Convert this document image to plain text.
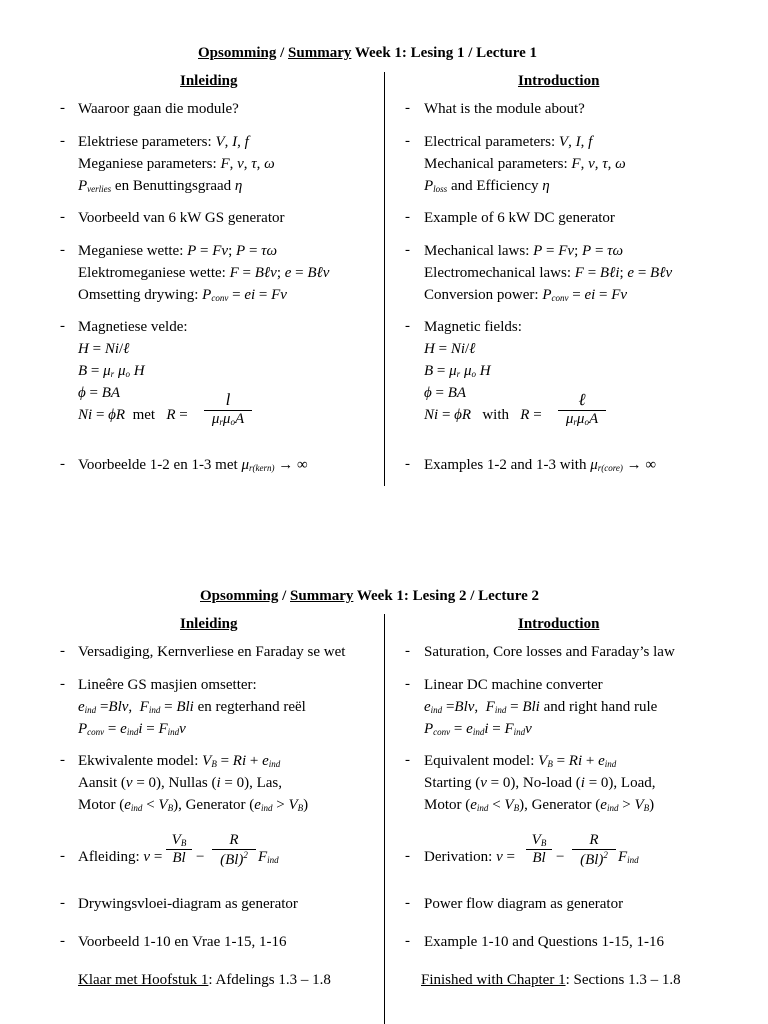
Opsomming / Summary Week 1: Lesing 1 / Lecture 1
Inleiding	Introduction
- Waaroor gaan die module?
- Elektriese parameters: V, I, f
Meganiese parameters: F, v, τ, ω
$P_{verlies}$ en Benuttingsgraad η
- Voorbeeld van 6 kW GS generator
- Meganiese wette: P = Fv; P = τω
Elektromeganiese wette: F = Bℓv; e = Bℓv
Omsetting drywing: $P_{conv}$ = ei = Fv
- Magnetiese velde:
H = Ni/ℓ
$B = \mu_r$ $\mu_o$ H
ϕ = BA
Ni = ϕR  met   R =
l
$\mu_r\mu_oA$
- Voorbeelde 1-2 en 1-3 met $\mu_{r(kern)}$ → ∞
- What is the module about?
- Electrical parameters: V, I, f
Mechanical parameters: F, v, τ, ω
$P_{loss}$ and Efficiency η
- Example of 6 kW DC generator
- Mechanical laws: P = Fv; P = τω
Electromechanical laws: F = Bℓi; e = Bℓv
Conversion power: $P_{conv}$ = ei = Fv
- Magnetic fields:
H = Ni/ℓ
$B = \mu_r$ $\mu_o$ H
ϕ = BA
Ni = ϕR   with   R =
ℓ
$\mu_r\mu_oA$
- Examples 1-2 and 1-3 with $\mu_{r(core)}$ → ∞
Opsomming / Summary Week 1: Lesing 2 / Lecture 2
Inleiding	Introduction
- Versadiging, Kernverliese en Faraday se wet
- Lineêre GS masjien omsetter:
$e_{ind} =Blv$,  $F_{ind}$ = Bli en regterhand reël
$P_{conv} = e_{ind}i = F_{ind}v$
- Ekwivalente model: $V_B = Ri + e_{ind}$
Aansit (v = 0), Nullas (i = 0), Las,
Motor $(e_{ind} < V_B)$, Generator $(e_{ind} > V_B)$
- Afleiding: v =
$V_B$
Bl −
R
$(Bl)^2$ $F_{ind}$
- Drywingsvloei-diagram as generator
- Voorbeeld 1-10 en Vrae 1-15, 1-16
Klaar met Hoofstuk 1: Afdelings 1.3 – 1.8
- Saturation, Core losses and Faraday’s law
- Linear DC machine converter
$e_{ind} =Blv$,  $F_{ind}$ = Bli and right hand rule
$P_{conv} = e_{ind}i = F_{ind}v$
- Equivalent model: $V_B = Ri + e_{ind}$
Starting (v = 0), No-load (i = 0), Load,
Motor $(e_{ind} < V_B)$, Generator $(e_{ind} > V_B)$
- Derivation: v =
$V_B$
Bl −
R
$(Bl)^2$ $F_{ind}$
- Power flow diagram as generator
- Example 1-10 and Questions 1-15, 1-16
Finished with Chapter 1: Sections 1.3 – 1.8
